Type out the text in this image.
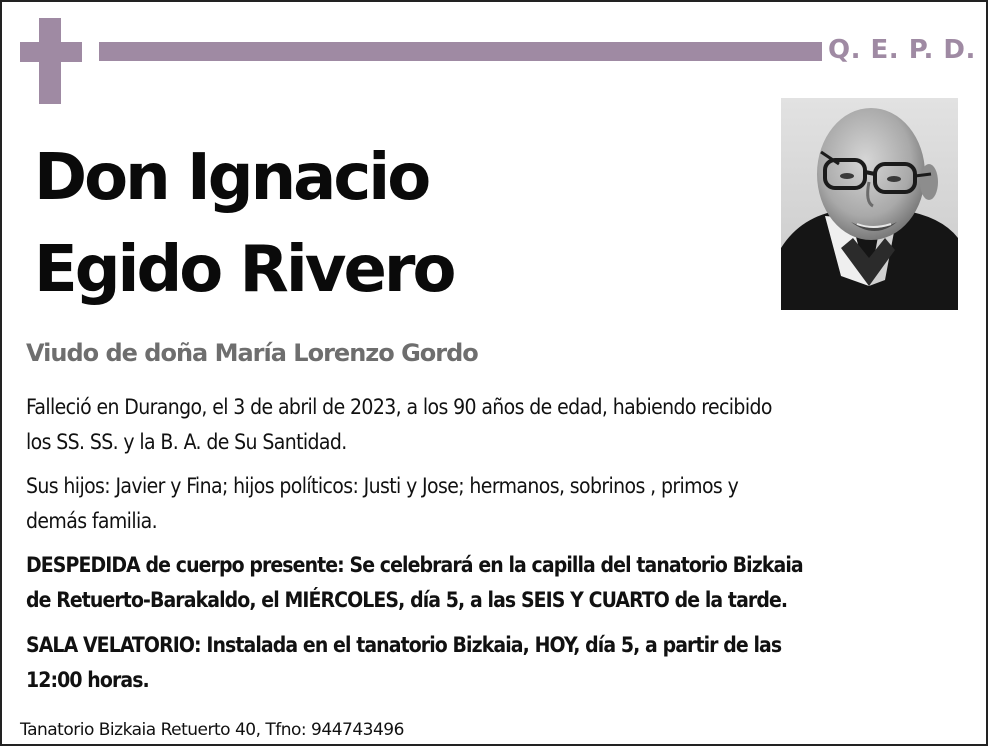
Q. E. P. D.
Don Ignacio
Egido Rivero
Viudo de doña María Lorenzo Gordo
Falleció en Durango, el 3 de abril de 2023, a los 90 años de edad, habiendo recibido
los SS. SS. y la B. A. de Su Santidad.
Sus hijos: Javier y Fina; hijos políticos: Justi y Jose; hermanos, sobrinos , primos y
demás familia.
DESPEDIDA de cuerpo presente: Se celebrará en la capilla del tanatorio Bizkaia
de Retuerto-Barakaldo, el MIÉRCOLES, día 5, a las SEIS Y CUARTO de la tarde.
SALA VELATORIO: Instalada en el tanatorio Bizkaia, HOY, día 5, a partir de las
12:00 horas.
Tanatorio Bizkaia Retuerto 40, Tfno: 944743496
